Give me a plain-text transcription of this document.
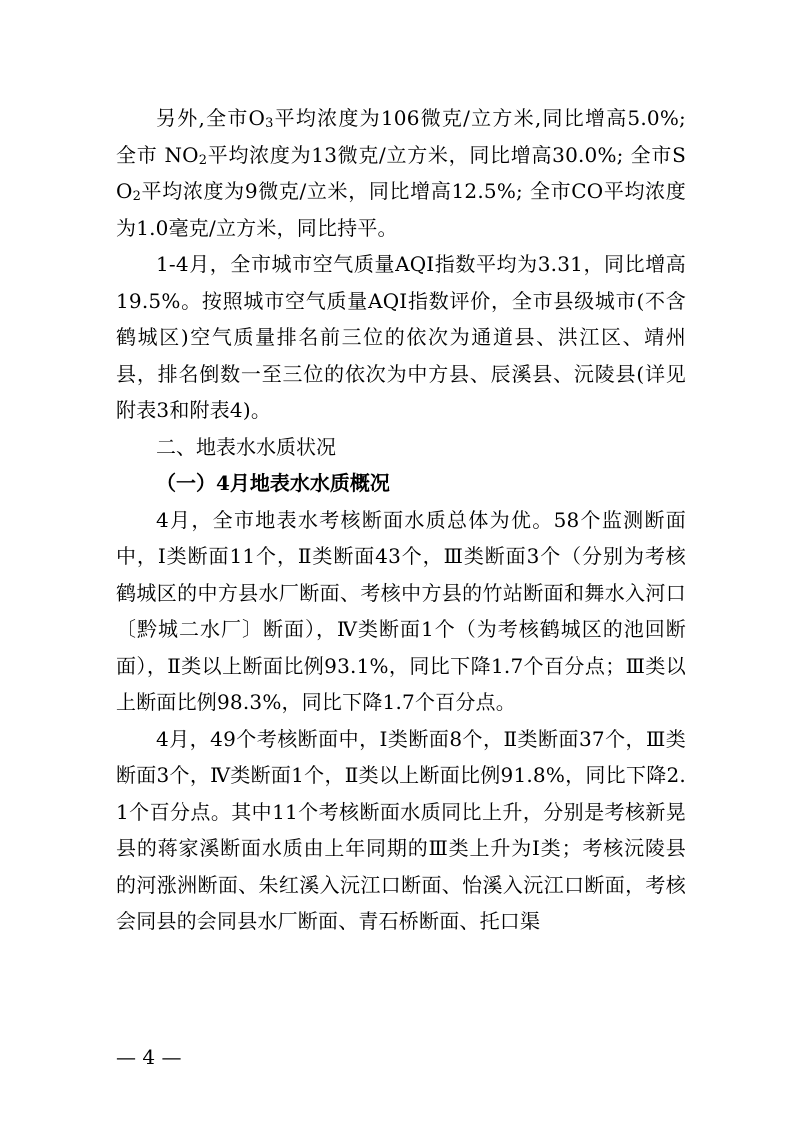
另外,全市O3平均浓度为106微克/立方米,同比增高5.0%; 全市 NO2平均浓度为13微克/立方米，同比增高30.0%; 全市SO2平均浓度为9微克/立米，同比增高12.5%; 全市CO平均浓度为1.0毫克/立方米，同比持平。

1-4月，全市城市空气质量AQI指数平均为3.31，同比增高19.5%。按照城市空气质量AQI指数评价，全市县级城市(不含鹤城区)空气质量排名前三位的依次为通道县、洪江区、靖州县，排名倒数一至三位的依次为中方县、辰溪县、沅陵县(详见附表3和附表4)。

二、地表水水质状况

（一）4月地表水水质概况

4月，全市地表水考核断面水质总体为优。58个监测断面中，Ⅰ类断面11个，Ⅱ类断面43个，Ⅲ类断面3个（分别为考核鹤城区的中方县水厂断面、考核中方县的竹站断面和舞水入河口〔黔城二水厂〕断面），Ⅳ类断面1个（为考核鹤城区的池回断面），Ⅱ类以上断面比例93.1%，同比下降1.7个百分点；Ⅲ类以上断面比例98.3%，同比下降1.7个百分点。

4月，49个考核断面中，Ⅰ类断面8个，Ⅱ类断面37个，Ⅲ类断面3个，Ⅳ类断面1个，Ⅱ类以上断面比例91.8%，同比下降2.1个百分点。其中11个考核断面水质同比上升，分别是考核新晃县的蒋家溪断面水质由上年同期的Ⅲ类上升为Ⅰ类；考核沅陵县的河涨洲断面、朱红溪入沅江口断面、怡溪入沅江口断面，考核会同县的会同县水厂断面、青石桥断面、托口渠

— 4 —
